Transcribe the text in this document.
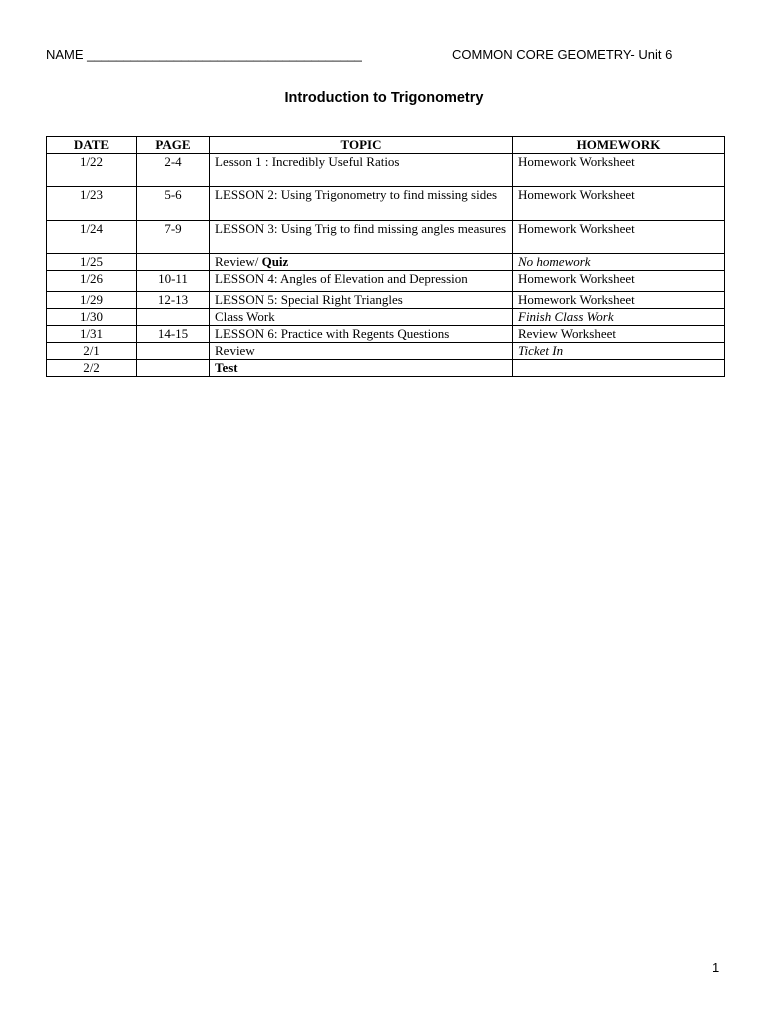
NAME ______________________________________	COMMON CORE GEOMETRY- Unit 6
Introduction to Trigonometry
DATE	PAGE	TOPIC	HOMEWORK
1/22	2-4	Lesson 1 : Incredibly Useful Ratios	Homework Worksheet
1/23	5-6	LESSON 2: Using Trigonometry to find missing sides	Homework Worksheet
1/24	7-9	LESSON 3: Using Trig to find missing angles measures	Homework Worksheet
1/25		Review/ Quiz	No homework
1/26	10-11	LESSON 4: Angles of Elevation and Depression	Homework Worksheet
1/29	12-13	LESSON 5: Special Right Triangles	Homework Worksheet
1/30		Class Work	Finish Class Work
1/31	14-15	LESSON 6: Practice with Regents Questions	Review Worksheet
2/1		Review	Ticket In
2/2		Test	
1
